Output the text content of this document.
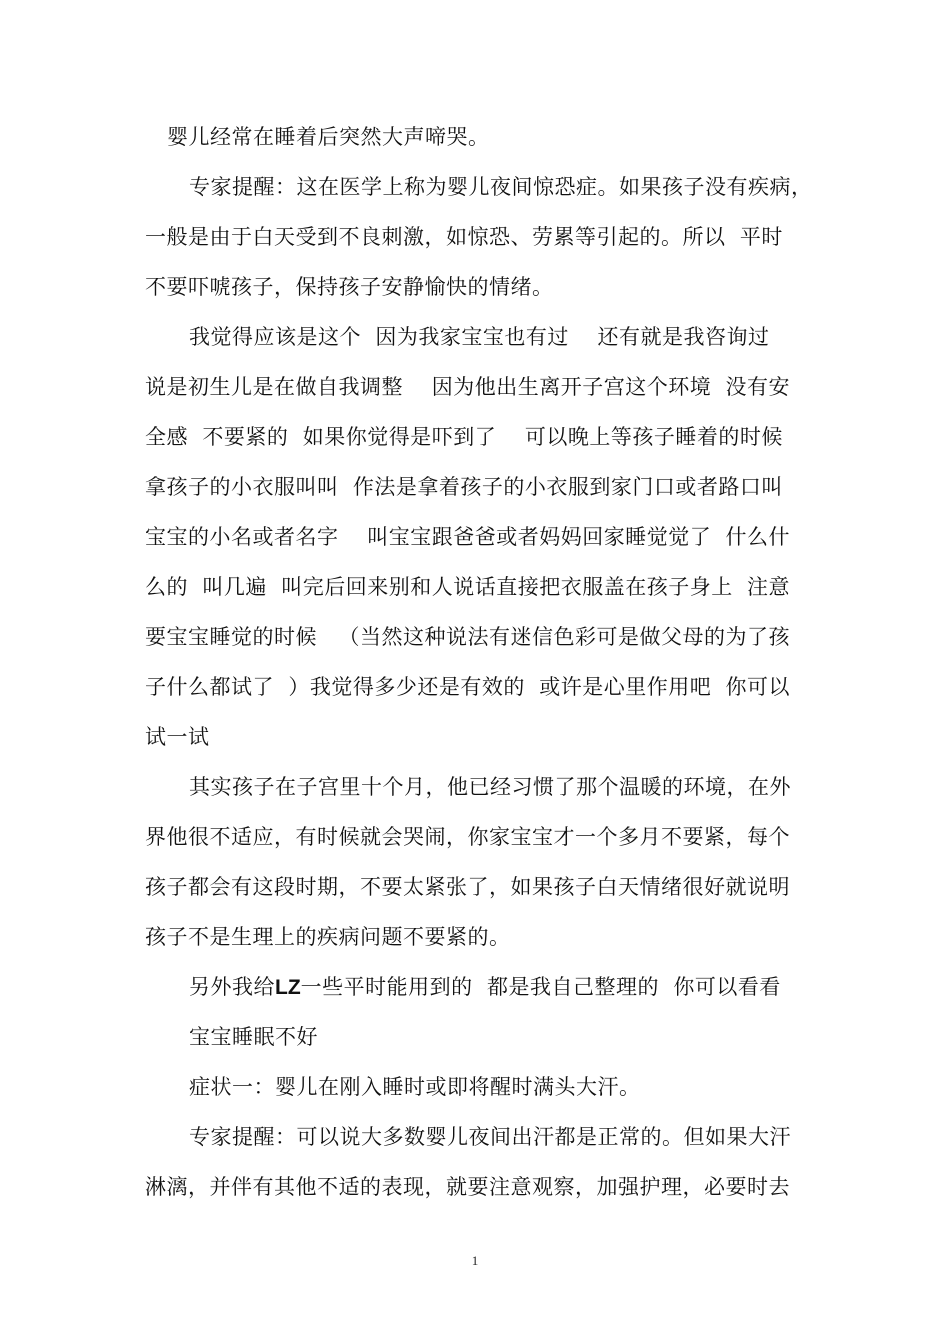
婴儿经常在睡着后突然大声啼哭。
专家提醒：这在医学上称为婴儿夜间惊恐症。如果孩子没有疾病，
一般是由于白天受到不良刺激，如惊恐、劳累等引起的。所以  平时
不要吓唬孩子，保持孩子安静愉快的情绪。
我觉得应该是这个  因为我家宝宝也有过    还有就是我咨询过
说是初生儿是在做自我调整    因为他出生离开子宫这个环境  没有安
全感  不要紧的  如果你觉得是吓到了    可以晚上等孩子睡着的时候
拿孩子的小衣服叫叫  作法是拿着孩子的小衣服到家门口或者路口叫
宝宝的小名或者名字    叫宝宝跟爸爸或者妈妈回家睡觉觉了  什么什
么的  叫几遍  叫完后回来别和人说话直接把衣服盖在孩子身上  注意
要宝宝睡觉的时候   （当然这种说法有迷信色彩可是做父母的为了孩
子什么都试了  ）我觉得多少还是有效的  或许是心里作用吧  你可以
试一试
其实孩子在子宫里十个月，他已经习惯了那个温暖的环境，在外
界他很不适应，有时候就会哭闹，你家宝宝才一个多月不要紧，每个
孩子都会有这段时期，不要太紧张了，如果孩子白天情绪很好就说明
孩子不是生理上的疾病问题不要紧的。
另外我给LZ一些平时能用到的  都是我自己整理的  你可以看看
宝宝睡眠不好
症状一：婴儿在刚入睡时或即将醒时满头大汗。
专家提醒：可以说大多数婴儿夜间出汗都是正常的。但如果大汗
淋漓，并伴有其他不适的表现，就要注意观察，加强护理，必要时去
1
